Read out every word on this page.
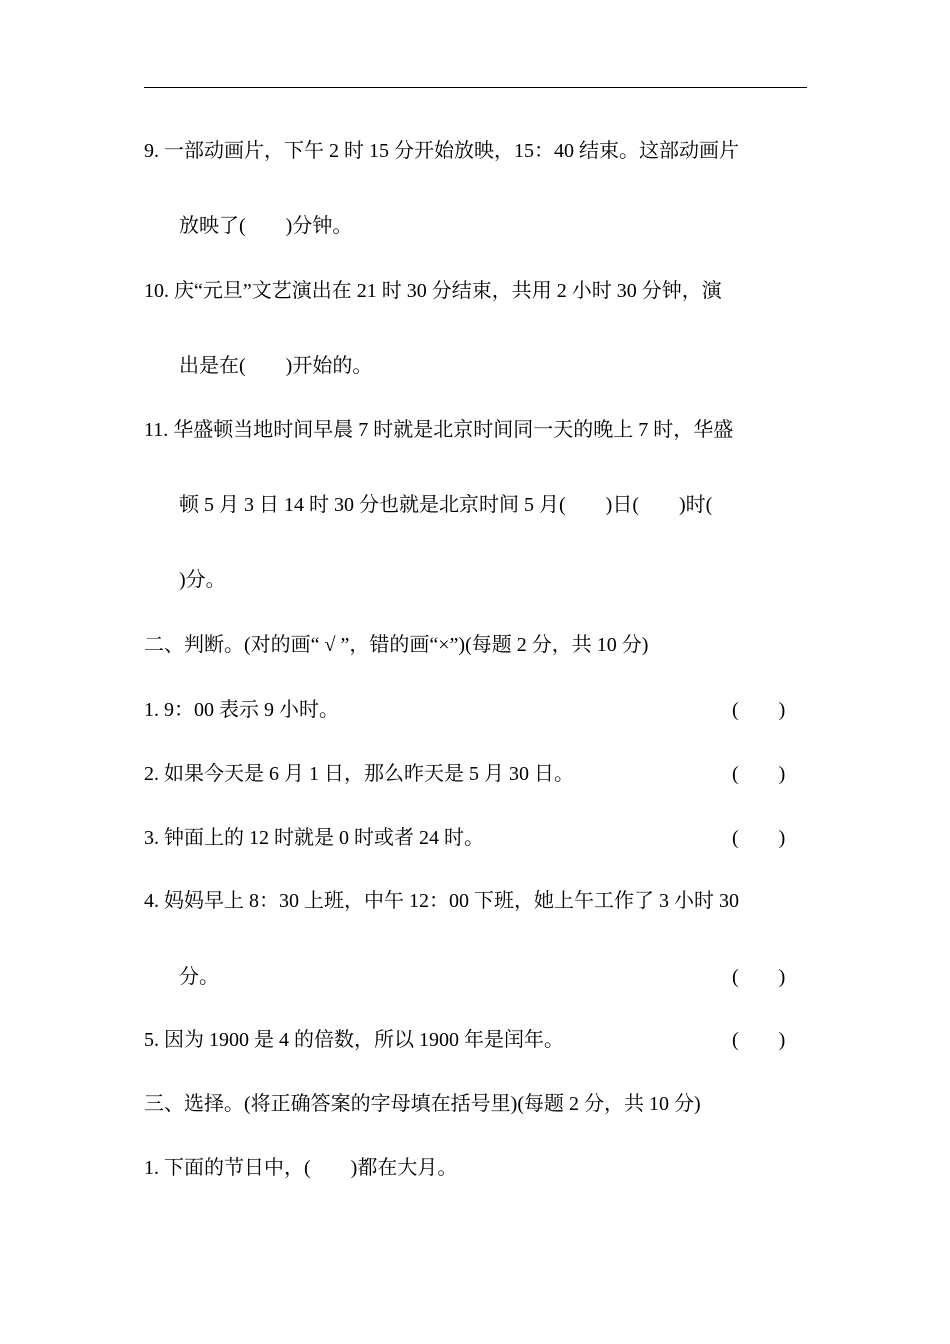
9. 一部动画片，下午 2 时 15 分开始放映，15：40 结束。这部动画片
放映了(　　)分钟。
10. 庆“元旦”文艺演出在 21 时 30 分结束，共用 2 小时 30 分钟，演
出是在(　　)开始的。
11. 华盛顿当地时间早晨 7 时就是北京时间同一天的晚上 7 时，华盛
顿 5 月 3 日 14 时 30 分也就是北京时间 5 月(　　)日(　　)时(
)分。
二、判断。(对的画“ √ ”，错的画“×”)(每题 2 分，共 10 分)
1. 9：00 表示 9 小时。	(　　)
2. 如果今天是 6 月 1 日，那么昨天是 5 月 30 日。	(　　)
3. 钟面上的 12 时就是 0 时或者 24 时。	(　　)
4. 妈妈早上 8：30 上班，中午 12：00 下班，她上午工作了 3 小时 30
分。	(　　)
5. 因为 1900 是 4 的倍数，所以 1900 年是闰年。	(　　)
三、选择。(将正确答案的字母填在括号里)(每题 2 分，共 10 分)
1. 下面的节日中，(　　)都在大月。
